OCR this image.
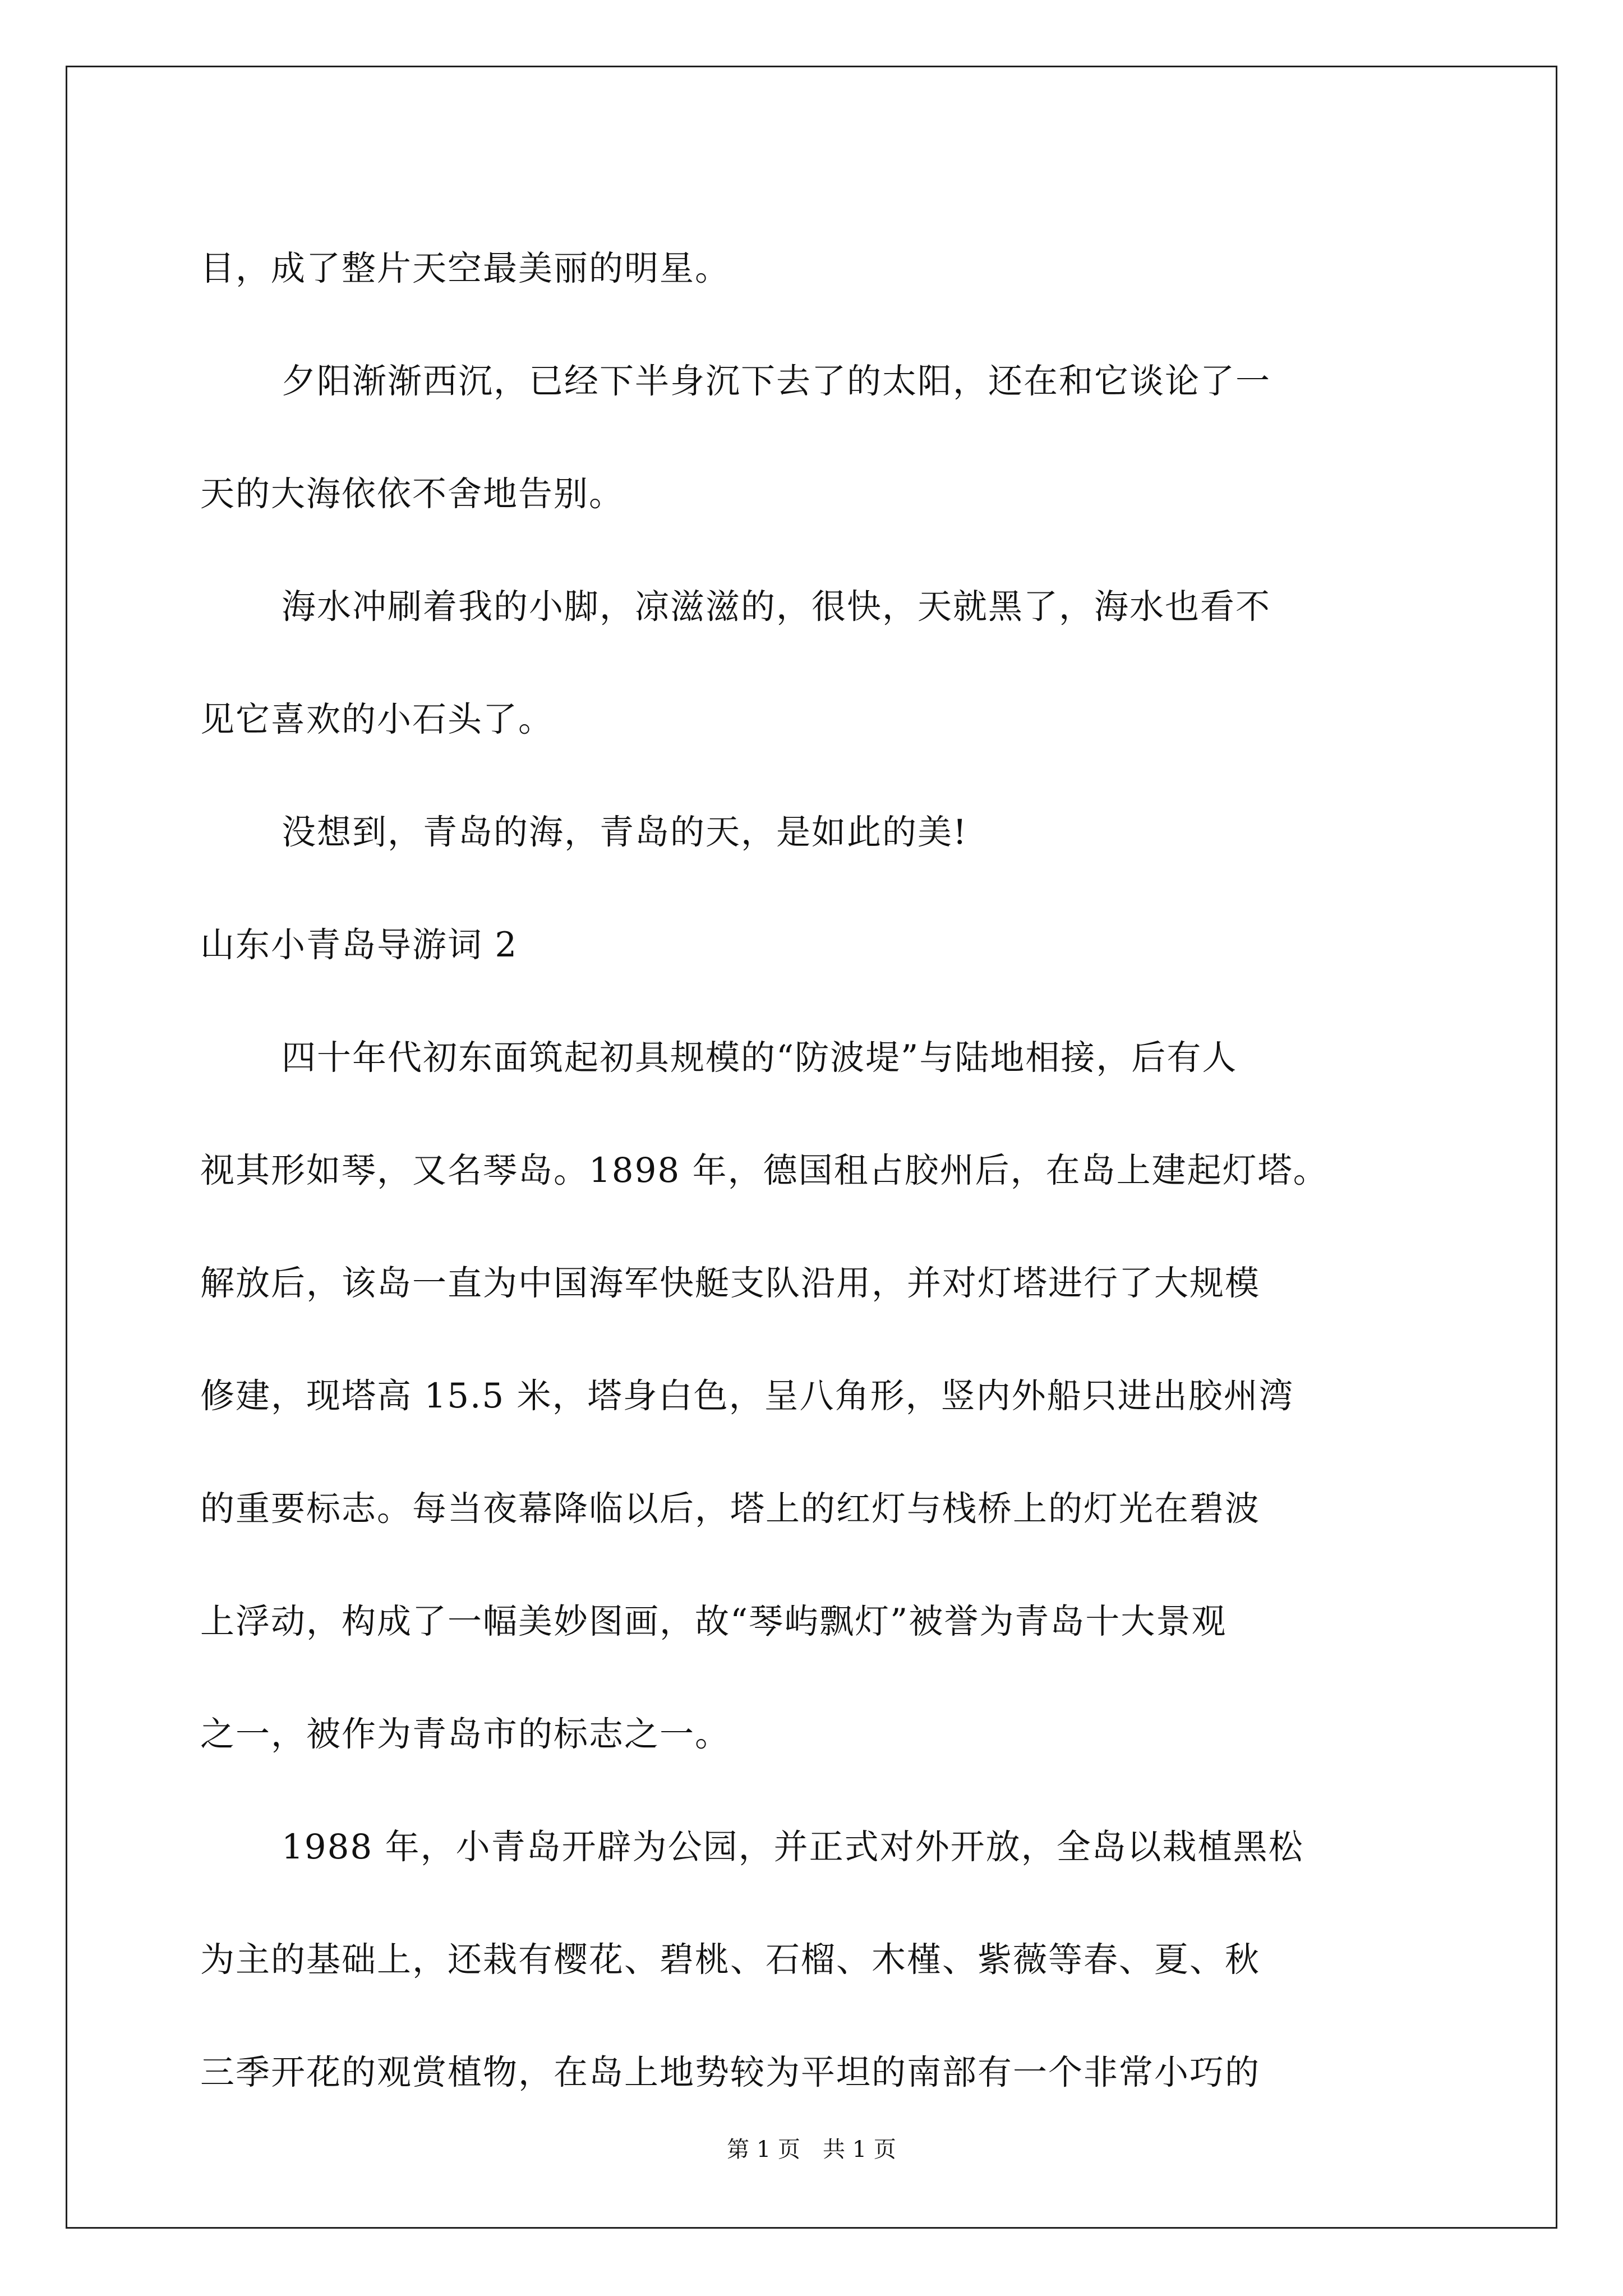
目，成了整片天空最美丽的明星。

夕阳渐渐西沉，已经下半身沉下去了的太阳，还在和它谈论了一

天的大海依依不舍地告别。

海水冲刷着我的小脚，凉滋滋的，很快，天就黑了，海水也看不

见它喜欢的小石头了。

没想到，青岛的海，青岛的天，是如此的美!

山东小青岛导游词 2

四十年代初东面筑起初具规模的“防波堤”与陆地相接，后有人

视其形如琴，又名琴岛。1898 年，德国租占胶州后，在岛上建起灯塔。

解放后，该岛一直为中国海军快艇支队沿用，并对灯塔进行了大规模

修建，现塔高 15.5 米，塔身白色，呈八角形，竖内外船只进出胶州湾

的重要标志。每当夜幕降临以后，塔上的红灯与栈桥上的灯光在碧波

上浮动，构成了一幅美妙图画，故“琴屿飘灯”被誉为青岛十大景观

之一，被作为青岛市的标志之一。

1988 年，小青岛开辟为公园，并正式对外开放，全岛以栽植黑松

为主的基础上，还栽有樱花、碧桃、石榴、木槿、紫薇等春、夏、秋

三季开花的观赏植物，在岛上地势较为平坦的南部有一个非常小巧的

第 1 页 共 1 页
